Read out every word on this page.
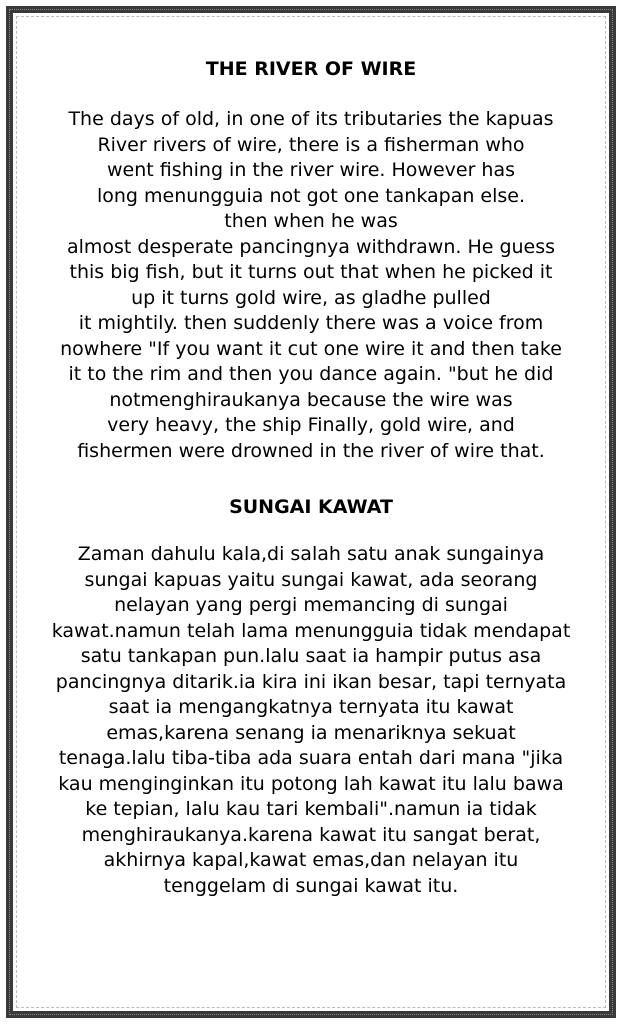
THE RIVER OF WIRE

The days of old, in one of its tributaries the kapuas
River rivers of wire, there is a fisherman who
went fishing in the river wire. However has
long menungguia not got one tankapan else.
then when he was
almost desperate pancingnya withdrawn. He guess
this big fish, but it turns out that when he picked it
up it turns gold wire, as gladhe pulled
it mightily. then suddenly there was a voice from
nowhere "If you want it cut one wire it and then take
it to the rim and then you dance again. "but he did
notmenghiraukanya because the wire was
very heavy, the ship Finally, gold wire, and
fishermen were drowned in the river of wire that.

SUNGAI KAWAT

Zaman dahulu kala,di salah satu anak sungainya
sungai kapuas yaitu sungai kawat, ada seorang
nelayan yang pergi memancing di sungai
kawat.namun telah lama menungguia tidak mendapat
satu tankapan pun.lalu saat ia hampir putus asa
pancingnya ditarik.ia kira ini ikan besar, tapi ternyata
saat ia mengangkatnya ternyata itu kawat
emas,karena senang ia menariknya sekuat
tenaga.lalu tiba-tiba ada suara entah dari mana "jika
kau menginginkan itu potong lah kawat itu lalu bawa
ke tepian, lalu kau tari kembali".namun ia tidak
menghiraukanya.karena kawat itu sangat berat,
akhirnya kapal,kawat emas,dan nelayan itu
tenggelam di sungai kawat itu.
